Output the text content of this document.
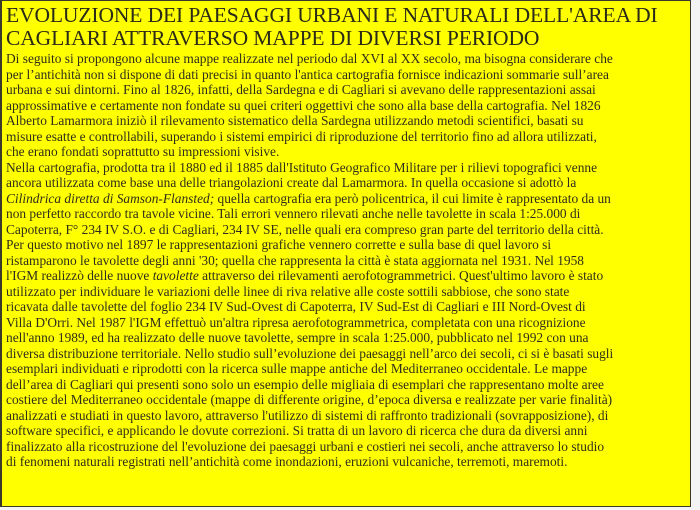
EVOLUZIONE DEI PAESAGGI URBANI E NATURALI DELL'AREA DI
CAGLIARI ATTRAVERSO MAPPE DI DIVERSI PERIODO
Di seguito si propongono alcune mappe realizzate nel periodo dal XVI al XX secolo, ma bisogna considerare che
per l’antichità non si dispone di dati precisi in quanto l'antica cartografia fornisce indicazioni sommarie sull’area
urbana e sui dintorni. Fino al 1826, infatti, della Sardegna e di Cagliari si avevano delle rappresentazioni assai
approssimative e certamente non fondate su quei criteri oggettivi che sono alla base della cartografia. Nel 1826
Alberto Lamarmora iniziò il rilevamento sistematico della Sardegna utilizzando metodi scientifici, basati su
misure esatte e controllabili, superando i sistemi empirici di riproduzione del territorio fino ad allora utilizzati,
che erano fondati soprattutto su impressioni visive.
Nella cartografia, prodotta tra il 1880 ed il 1885 dall'Istituto Geografico Militare per i rilievi topografici venne
ancora utilizzata come base una delle triangolazioni create dal Lamarmora. In quella occasione si adottò la
Cilindrica diretta di Samson-Flansted; quella cartografia era però policentrica, il cui limite è rappresentato da un
non perfetto raccordo tra tavole vicine. Tali errori vennero rilevati anche nelle tavolette in scala 1:25.000 di
Capoterra, F° 234 IV S.O. e di Cagliari, 234 IV SE, nelle quali era compreso gran parte del territorio della città.
Per questo motivo nel 1897 le rappresentazioni grafiche vennero corrette e sulla base di quel lavoro si
ristamparono le tavolette degli anni '30; quella che rappresenta la città è stata aggiornata nel 1931. Nel 1958
l'IGM realizzò delle nuove tavolette attraverso dei rilevamenti aerofotogrammetrici. Quest'ultimo lavoro è stato
utilizzato per individuare le variazioni delle linee di riva relative alle coste sottili sabbiose, che sono state
ricavata dalle tavolette del foglio 234 IV Sud-Ovest di Capoterra, IV Sud-Est di Cagliari e III Nord-Ovest di
Villa D'Orri. Nel 1987 l'IGM effettuò un'altra ripresa aerofotogrammetrica, completata con una ricognizione
nell'anno 1989, ed ha realizzato delle nuove tavolette, sempre in scala 1:25.000, pubblicato nel 1992 con una
diversa distribuzione territoriale. Nello studio sull’evoluzione dei paesaggi nell’arco dei secoli, ci si è basati sugli
esemplari individuati e riprodotti con la ricerca sulle mappe antiche del Mediterraneo occidentale. Le mappe
dell’area di Cagliari qui presenti sono solo un esempio delle migliaia di esemplari che rappresentano molte aree
costiere del Mediterraneo occidentale (mappe di differente origine, d’epoca diversa e realizzate per varie finalità)
analizzati e studiati in questo lavoro, attraverso l'utilizzo di sistemi di raffronto tradizionali (sovrapposizione), di
software specifici, e applicando le dovute correzioni. Si tratta di un lavoro di ricerca che dura da diversi anni
finalizzato alla ricostruzione del l'evoluzione dei paesaggi urbani e costieri nei secoli, anche attraverso lo studio
di fenomeni naturali registrati nell’antichità come inondazioni, eruzioni vulcaniche, terremoti, maremoti.
